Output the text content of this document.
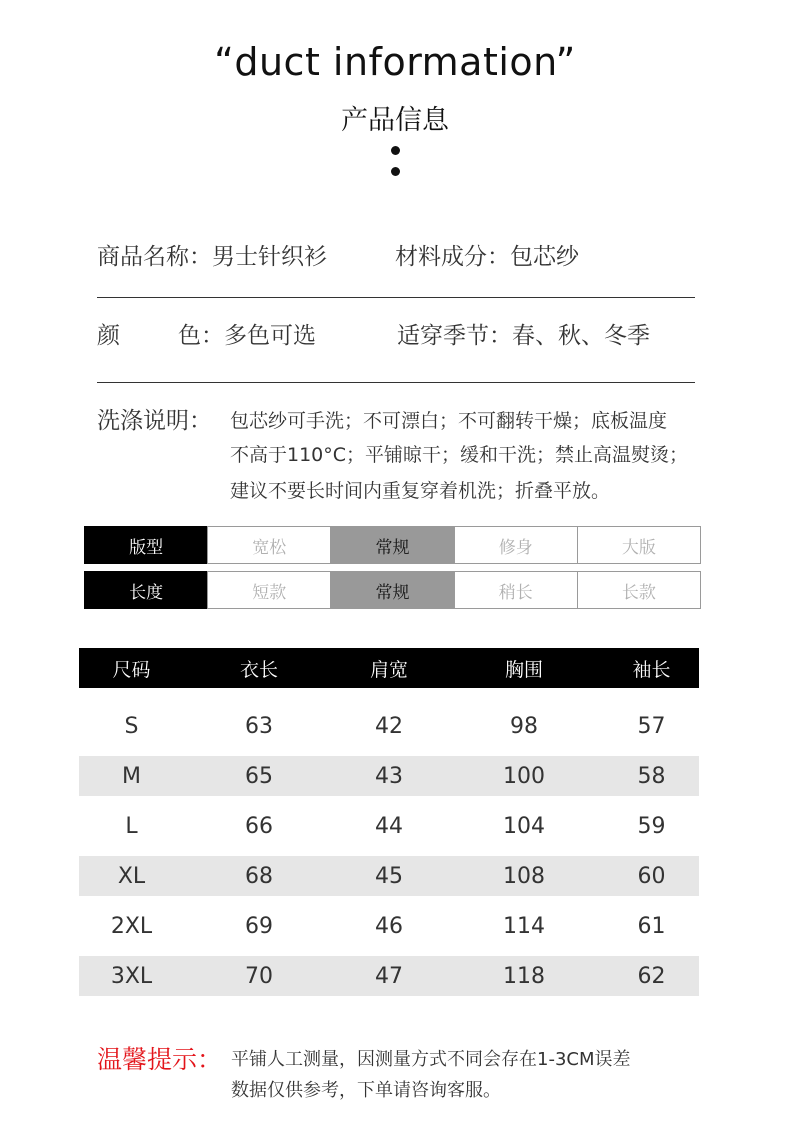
“duct information”
产品信息
商品名称：男士针织衫	材料成分：包芯纱
颜	色：多色可选	适穿季节：春、秋、冬季
洗涤说明： 包芯纱可手洗；不可漂白；不可翻转干燥；底板温度
不高于110°C；平铺晾干；缓和干洗；禁止高温熨烫；
建议不要长时间内重复穿着机洗；折叠平放。
版型	宽松	常规	修身	大版
长度	短款	常规	稍长	长款
尺码	衣长	肩宽	胸围	袖长
S	63	42	98	57
M	65	43	100	58
L	66	44	104	59
XL	68	45	108	60
2XL	69	46	114	61
3XL	70	47	118	62
温馨提示： 平铺人工测量，因测量方式不同会存在1-3CM误差
数据仅供参考，下单请咨询客服。
